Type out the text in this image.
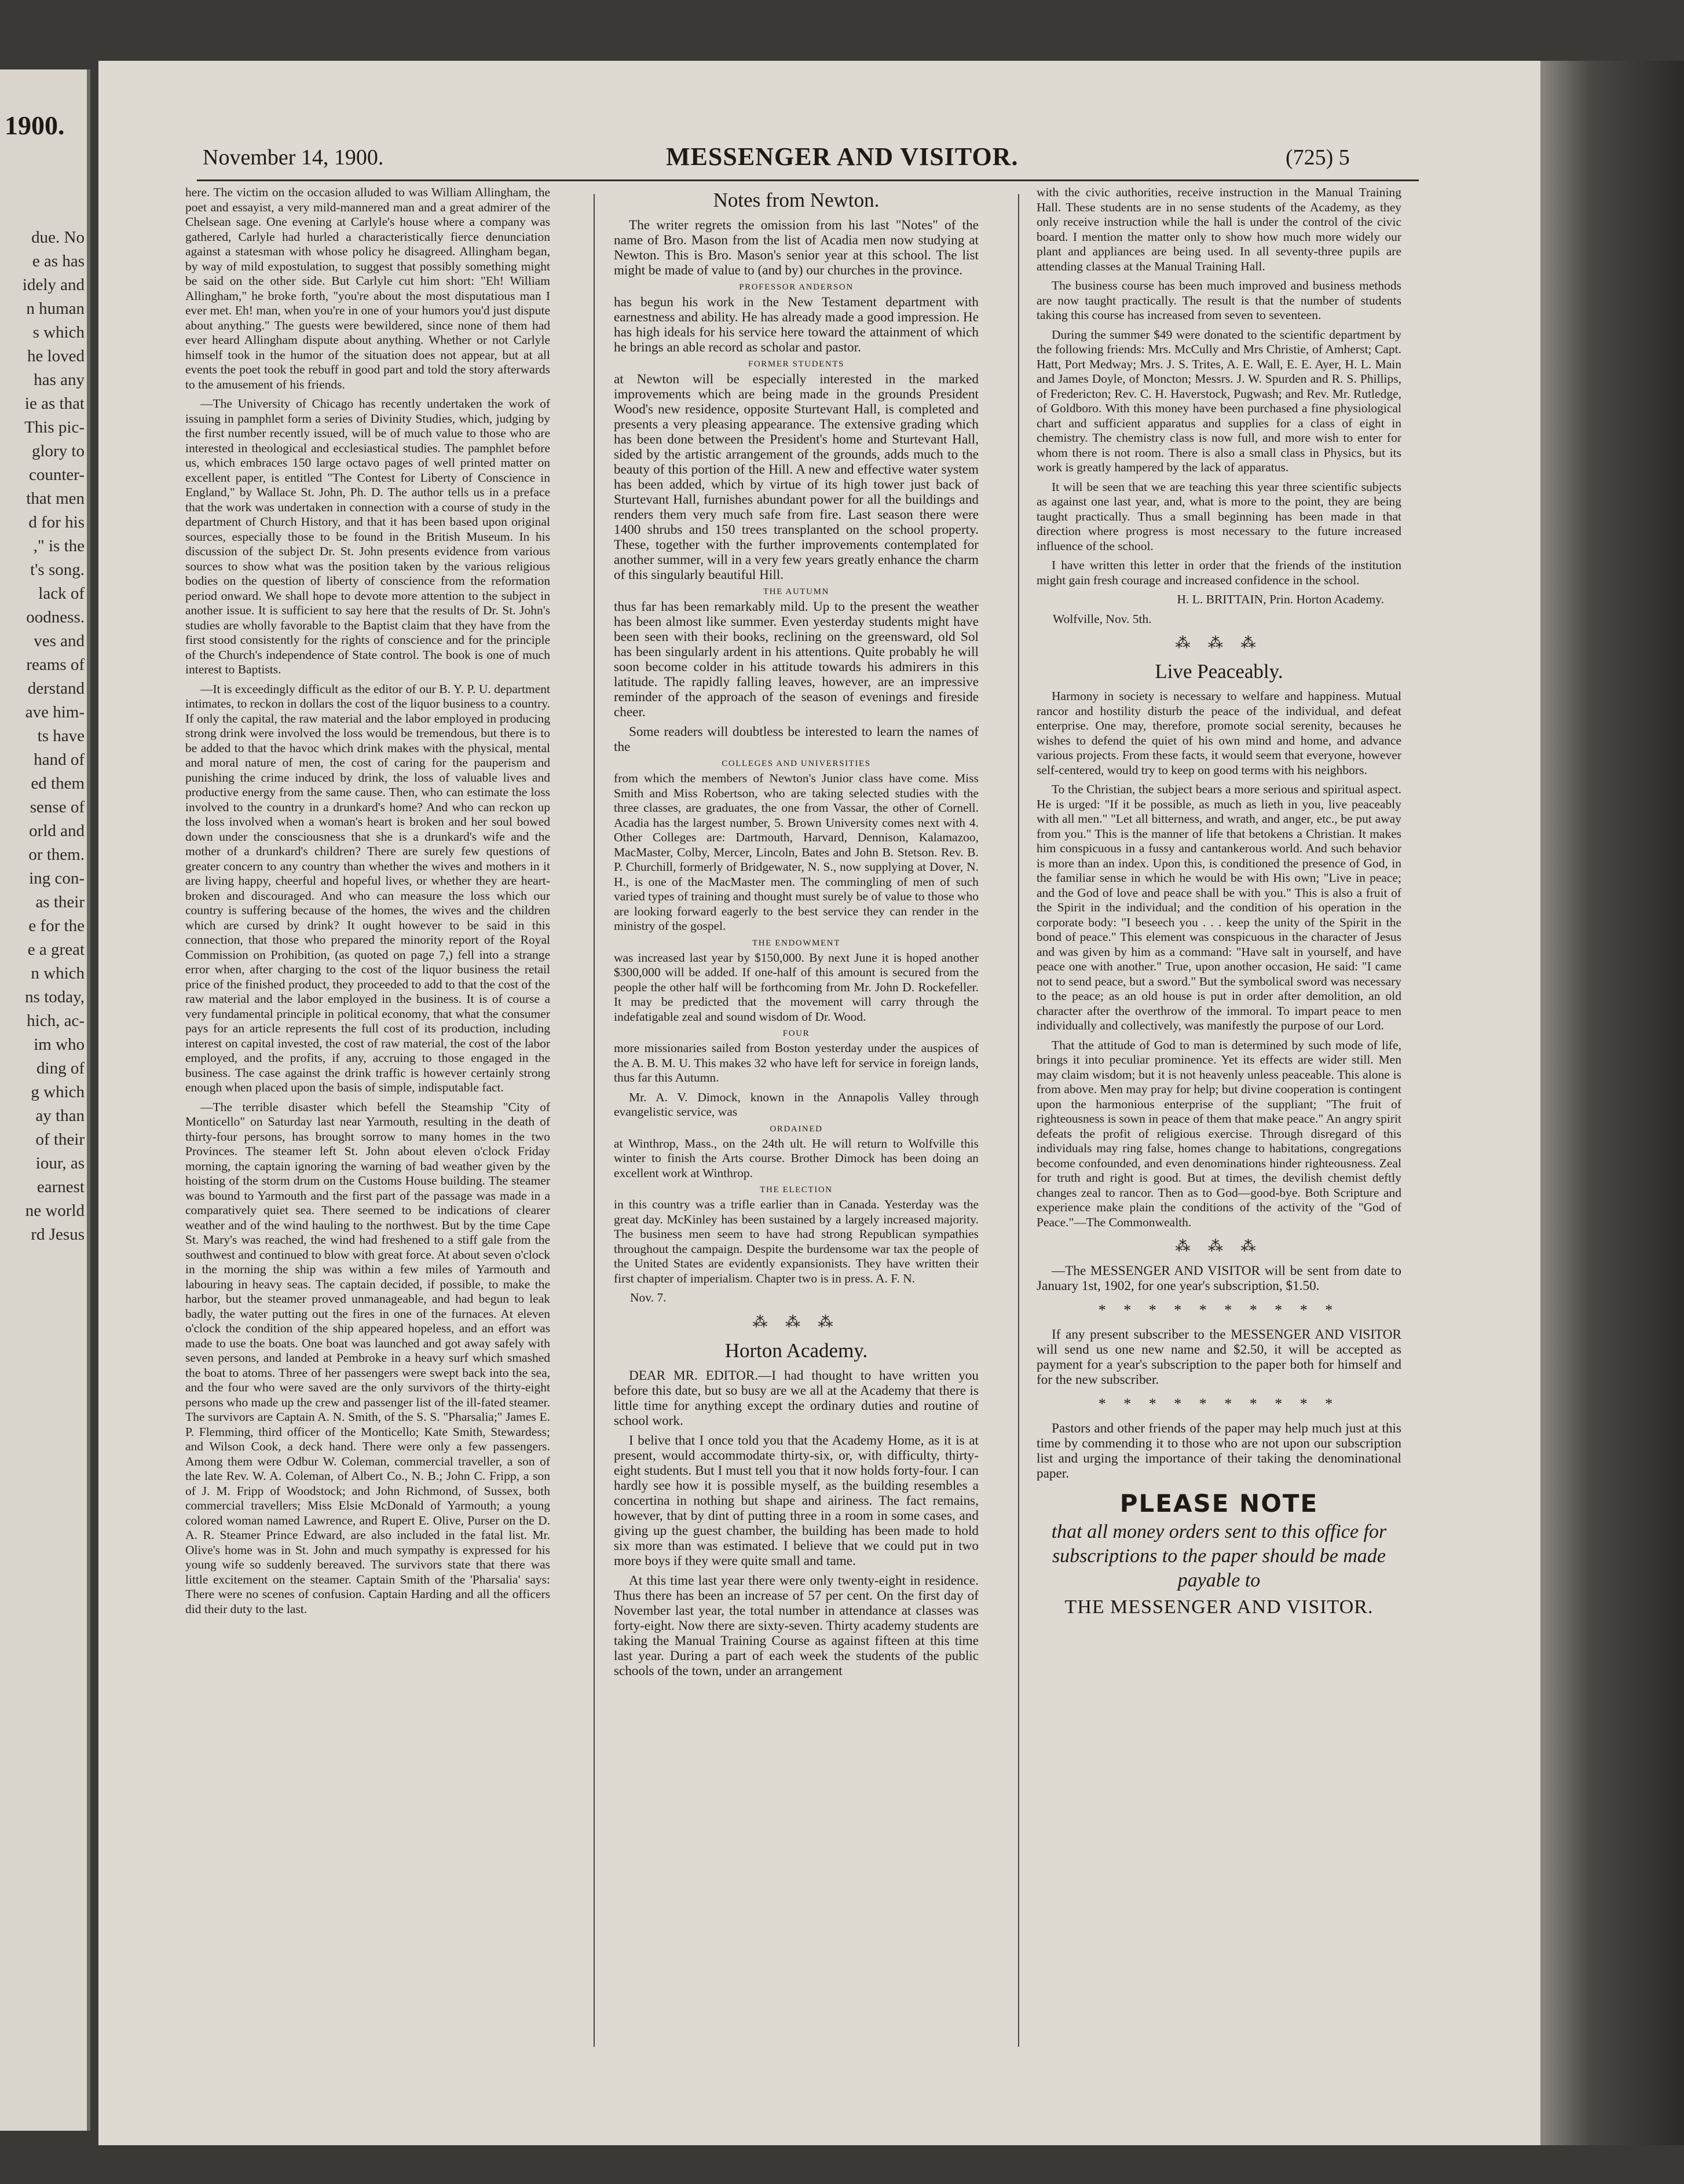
1900.
due. No
e as has
idely and
n human
s which
he loved
has any
ie as that
This pic-
glory to
counter-
that men
d for his
," is the
t's song.
lack of
oodness.
ves and
reams of
derstand
ave him-
ts have
hand of
ed them
sense of
orld and
or them.
ing con-
as their
e for the
e a great
n which
ns today,
hich, ac-
im who
ding of
g which
ay than
of their
iour, as
earnest
ne world
rd Jesus
November 14, 1900.	MESSENGER AND VISITOR.	(725) 5

here. The victim on the occasion alluded to was William Allingham, the poet and essayist, a very mild-mannered man and a great admirer of the Chelsean sage. One evening at Carlyle's house where a company was gathered, Carlyle had hurled a characteristically fierce denunciation against a statesman with whose policy he disagreed. Allingham began, by way of mild expostulation, to suggest that possibly something might be said on the other side. But Carlyle cut him short: "Eh! William Allingham," he broke forth, "you're about the most disputatious man I ever met. Eh! man, when you're in one of your humors you'd just dispute about anything." The guests were bewildered, since none of them had ever heard Allingham dispute about anything. Whether or not Carlyle himself took in the humor of the situation does not appear, but at all events the poet took the rebuff in good part and told the story afterwards to the amusement of his friends.

—The University of Chicago has recently undertaken the work of issuing in pamphlet form a series of Divinity Studies, which, judging by the first number recently issued, will be of much value to those who are interested in theological and ecclesiastical studies. The pamphlet before us, which embraces 150 large octavo pages of well printed matter on excellent paper, is entitled "The Contest for Liberty of Conscience in England," by Wallace St. John, Ph. D. The author tells us in a preface that the work was undertaken in connection with a course of study in the department of Church History, and that it has been based upon original sources, especially those to be found in the British Museum. In his discussion of the subject Dr. St. John presents evidence from various sources to show what was the position taken by the various religious bodies on the question of liberty of conscience from the reformation period onward. We shall hope to devote more attention to the subject in another issue. It is sufficient to say here that the results of Dr. St. John's studies are wholly favorable to the Baptist claim that they have from the first stood consistently for the rights of conscience and for the principle of the Church's independence of State control. The book is one of much interest to Baptists.

—It is exceedingly difficult as the editor of our B. Y. P. U. department intimates, to reckon in dollars the cost of the liquor business to a country. If only the capital, the raw material and the labor employed in producing strong drink were involved the loss would be tremendous, but there is to be added to that the havoc which drink makes with the physical, mental and moral nature of men, the cost of caring for the pauperism and punishing the crime induced by drink, the loss of valuable lives and productive energy from the same cause. Then, who can estimate the loss involved to the country in a drunkard's home? And who can reckon up the loss involved when a woman's heart is broken and her soul bowed down under the consciousness that she is a drunkard's wife and the mother of a drunkard's children? There are surely few questions of greater concern to any country than whether the wives and mothers in it are living happy, cheerful and hopeful lives, or whether they are heart-broken and discouraged. And who can measure the loss which our country is suffering because of the homes, the wives and the children which are cursed by drink? It ought however to be said in this connection, that those who prepared the minority report of the Royal Commission on Prohibition, (as quoted on page 7,) fell into a strange error when, after charging to the cost of the liquor business the retail price of the finished product, they proceeded to add to that the cost of the raw material and the labor employed in the business. It is of course a very fundamental principle in political economy, that what the consumer pays for an article represents the full cost of its production, including interest on capital invested, the cost of raw material, the cost of the labor employed, and the profits, if any, accruing to those engaged in the business. The case against the drink traffic is however certainly strong enough when placed upon the basis of simple, indisputable fact.

—The terrible disaster which befell the Steamship "City of Monticello" on Saturday last near Yarmouth, resulting in the death of thirty-four persons, has brought sorrow to many homes in the two Provinces. The steamer left St. John about eleven o'clock Friday morning, the captain ignoring the warning of bad weather given by the hoisting of the storm drum on the Customs House building. The steamer was bound to Yarmouth and the first part of the passage was made in a comparatively quiet sea. There seemed to be indications of clearer weather and of the wind hauling to the northwest. But by the time Cape St. Mary's was reached, the wind had freshened to a stiff gale from the southwest and continued to blow with great force. At about seven o'clock in the morning the ship was within a few miles of Yarmouth and labouring in heavy seas. The captain decided, if possible, to make the harbor, but the steamer proved unmanageable, and had begun to leak badly, the water putting out the fires in one of the furnaces. At eleven o'clock the condition of the ship appeared hopeless, and an effort was made to use the boats. One boat was launched and got away safely with seven persons, and landed at Pembroke in a heavy surf which smashed the boat to atoms. Three of her passengers were swept back into the sea, and the four who were saved are the only survivors of the thirty-eight persons who made up the crew and passenger list of the ill-fated steamer. The survivors are Captain A. N. Smith, of the S. S. "Pharsalia;" James E. P. Flemming, third officer of the Monticello; Kate Smith, Stewardess; and Wilson Cook, a deck hand. There were only a few passengers. Among them were Odbur W. Coleman, commercial traveller, a son of the late Rev. W. A. Coleman, of Albert Co., N. B.; John C. Fripp, a son of J. M. Fripp of Woodstock; and John Richmond, of Sussex, both commercial travellers; Miss Elsie McDonald of Yarmouth; a young colored woman named Lawrence, and Rupert E. Olive, Purser on the D. A. R. Steamer Prince Edward, are also included in the fatal list. Mr. Olive's home was in St. John and much sympathy is expressed for his young wife so suddenly bereaved. The survivors state that there was little excitement on the steamer. Captain Smith of the 'Pharsalia' says: There were no scenes of confusion. Captain Harding and all the officers did their duty to the last.

Notes from Newton.

The writer regrets the omission from his last "Notes" of the name of Bro. Mason from the list of Acadia men now studying at Newton. This is Bro. Mason's senior year at this school. The list might be made of value to (and by) our churches in the province.

PROFESSOR ANDERSON

has begun his work in the New Testament department with earnestness and ability. He has already made a good impression. He has high ideals for his service here toward the attainment of which he brings an able record as scholar and pastor.

FORMER STUDENTS

at Newton will be especially interested in the marked improvements which are being made in the grounds President Wood's new residence, opposite Sturtevant Hall, is completed and presents a very pleasing appearance. The extensive grading which has been done between the President's home and Sturtevant Hall, sided by the artistic arrangement of the grounds, adds much to the beauty of this portion of the Hill. A new and effective water system has been added, which by virtue of its high tower just back of Sturtevant Hall, furnishes abundant power for all the buildings and renders them very much safe from fire. Last season there were 1400 shrubs and 150 trees transplanted on the school property. These, together with the further improvements contemplated for another summer, will in a very few years greatly enhance the charm of this singularly beautiful Hill.

THE AUTUMN

thus far has been remarkably mild. Up to the present the weather has been almost like summer. Even yesterday students might have been seen with their books, reclining on the greensward, old Sol has been singularly ardent in his attentions. Quite probably he will soon become colder in his attitude towards his admirers in this latitude. The rapidly falling leaves, however, are an impressive reminder of the approach of the season of evenings and fireside cheer.

Some readers will doubtless be interested to learn the names of the

COLLEGES AND UNIVERSITIES

from which the members of Newton's Junior class have come. Miss Smith and Miss Robertson, who are taking selected studies with the three classes, are graduates, the one from Vassar, the other of Cornell. Acadia has the largest number, 5. Brown University comes next with 4. Other Colleges are: Dartmouth, Harvard, Dennison, Kalamazoo, MacMaster, Colby, Mercer, Lincoln, Bates and John B. Stetson. Rev. B. P. Churchill, formerly of Bridgewater, N. S., now supplying at Dover, N. H., is one of the MacMaster men. The commingling of men of such varied types of training and thought must surely be of value to those who are looking forward eagerly to the best service they can render in the ministry of the gospel.

THE ENDOWMENT

was increased last year by $150,000. By next June it is hoped another $300,000 will be added. If one-half of this amount is secured from the people the other half will be forthcoming from Mr. John D. Rockefeller. It may be predicted that the movement will carry through the indefatigable zeal and sound wisdom of Dr. Wood.

FOUR

more missionaries sailed from Boston yesterday under the auspices of the A. B. M. U. This makes 32 who have left for service in foreign lands, thus far this Autumn.

Mr. A. V. Dimock, known in the Annapolis Valley through evangelistic service, was

ORDAINED

at Winthrop, Mass., on the 24th ult. He will return to Wolfville this winter to finish the Arts course. Brother Dimock has been doing an excellent work at Winthrop.

THE ELECTION

in this country was a trifle earlier than in Canada. Yesterday was the great day. McKinley has been sustained by a largely increased majority. The business men seem to have had strong Republican sympathies throughout the campaign. Despite the burdensome war tax the people of the United States are evidently expansionists. They have written their first chapter of imperialism. Chapter two is in press. A. F. N.

Nov. 7.

⁂ ⁂ ⁂
Horton Academy.

DEAR MR. EDITOR.—I had thought to have written you before this date, but so busy are we all at the Academy that there is little time for anything except the ordinary duties and routine of school work.

I belive that I once told you that the Academy Home, as it is at present, would accommodate thirty-six, or, with difficulty, thirty-eight students. But I must tell you that it now holds forty-four. I can hardly see how it is possible myself, as the building resembles a concertina in nothing but shape and airiness. The fact remains, however, that by dint of putting three in a room in some cases, and giving up the guest chamber, the building has been made to hold six more than was estimated. I believe that we could put in two more boys if they were quite small and tame.

At this time last year there were only twenty-eight in residence. Thus there has been an increase of 57 per cent. On the first day of November last year, the total number in attendance at classes was forty-eight. Now there are sixty-seven. Thirty academy students are taking the Manual Training Course as against fifteen at this time last year. During a part of each week the students of the public schools of the town, under an arrangement

with the civic authorities, receive instruction in the Manual Training Hall. These students are in no sense students of the Academy, as they only receive instruction while the hall is under the control of the civic board. I mention the matter only to show how much more widely our plant and appliances are being used. In all seventy-three pupils are attending classes at the Manual Training Hall.

The business course has been much improved and business methods are now taught practically. The result is that the number of students taking this course has increased from seven to seventeen.

During the summer $49 were donated to the scientific department by the following friends: Mrs. McCully and Mrs Christie, of Amherst; Capt. Hatt, Port Medway; Mrs. J. S. Trites, A. E. Wall, E. E. Ayer, H. L. Main and James Doyle, of Moncton; Messrs. J. W. Spurden and R. S. Phillips, of Fredericton; Rev. C. H. Haverstock, Pugwash; and Rev. Mr. Rutledge, of Goldboro. With this money have been purchased a fine physiological chart and sufficient apparatus and supplies for a class of eight in chemistry. The chemistry class is now full, and more wish to enter for whom there is not room. There is also a small class in Physics, but its work is greatly hampered by the lack of apparatus.

It will be seen that we are teaching this year three scientific subjects as against one last year, and, what is more to the point, they are being taught practically. Thus a small beginning has been made in that direction where progress is most necessary to the future increased influence of the school.

I have written this letter in order that the friends of the institution might gain fresh courage and increased confidence in the school.

H. L. BRITTAIN, Prin. Horton Academy.

Wolfville, Nov. 5th.

⁂ ⁂ ⁂
Live Peaceably.

Harmony in society is necessary to welfare and happiness. Mutual rancor and hostility disturb the peace of the individual, and defeat enterprise. One may, therefore, promote social serenity, becauses he wishes to defend the quiet of his own mind and home, and advance various projects. From these facts, it would seem that everyone, however self-centered, would try to keep on good terms with his neighbors.

To the Christian, the subject bears a more serious and spiritual aspect. He is urged: "If it be possible, as much as lieth in you, live peaceably with all men." "Let all bitterness, and wrath, and anger, etc., be put away from you." This is the manner of life that betokens a Christian. It makes him conspicuous in a fussy and cantankerous world. And such behavior is more than an index. Upon this, is conditioned the presence of God, in the familiar sense in which he would be with His own; "Live in peace; and the God of love and peace shall be with you." This is also a fruit of the Spirit in the individual; and the condition of his operation in the corporate body: "I beseech you . . . keep the unity of the Spirit in the bond of peace." This element was conspicuous in the character of Jesus and was given by him as a command: "Have salt in yourself, and have peace one with another." True, upon another occasion, He said: "I came not to send peace, but a sword." But the symbolical sword was necessary to the peace; as an old house is put in order after demolition, an old character after the overthrow of the immoral. To impart peace to men individually and collectively, was manifestly the purpose of our Lord.

That the attitude of God to man is determined by such mode of life, brings it into peculiar prominence. Yet its effects are wider still. Men may claim wisdom; but it is not heavenly unless peaceable. This alone is from above. Men may pray for help; but divine cooperation is contingent upon the harmonious enterprise of the suppliant; "The fruit of righteousness is sown in peace of them that make peace." An angry spirit defeats the profit of religious exercise. Through disregard of this individuals may ring false, homes change to habitations, congregations become confounded, and even denominations hinder righteousness. Zeal for truth and right is good. But at times, the devilish chemist deftly changes zeal to rancor. Then as to God—good-bye. Both Scripture and experience make plain the conditions of the activity of the "God of Peace."—The Commonwealth.

⁂ ⁂ ⁂

—The MESSENGER AND VISITOR will be sent from date to January 1st, 1902, for one year's subscription, $1.50.

* * * * * * * * * *

If any present subscriber to the MESSENGER AND VISITOR will send us one new name and $2.50, it will be accepted as payment for a year's subscription to the paper both for himself and for the new subscriber.

* * * * * * * * * *

Pastors and other friends of the paper may help much just at this time by commending it to those who are not upon our subscription list and urging the importance of their taking the denominational paper.

PLEASE NOTE
that all money orders sent to this office for subscriptions to the paper should be made payable to
THE MESSENGER AND VISITOR.
